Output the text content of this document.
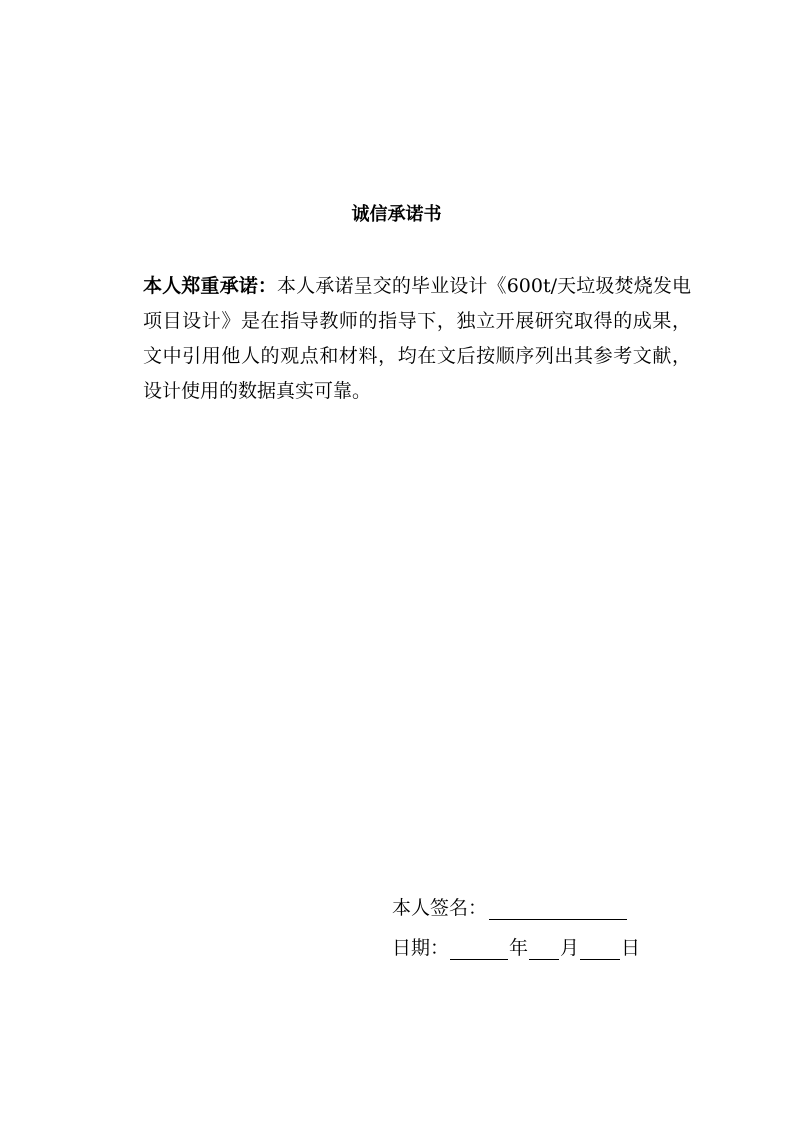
诚信承诺书
本人郑重承诺：本人承诺呈交的毕业设计《600t/天垃圾焚烧发电项目设计》是在指导教师的指导下，独立开展研究取得的成果，文中引用他人的观点和材料，均在文后按顺序列出其参考文献，设计使用的数据真实可靠。
本人签名：
日期：	年 月 日
